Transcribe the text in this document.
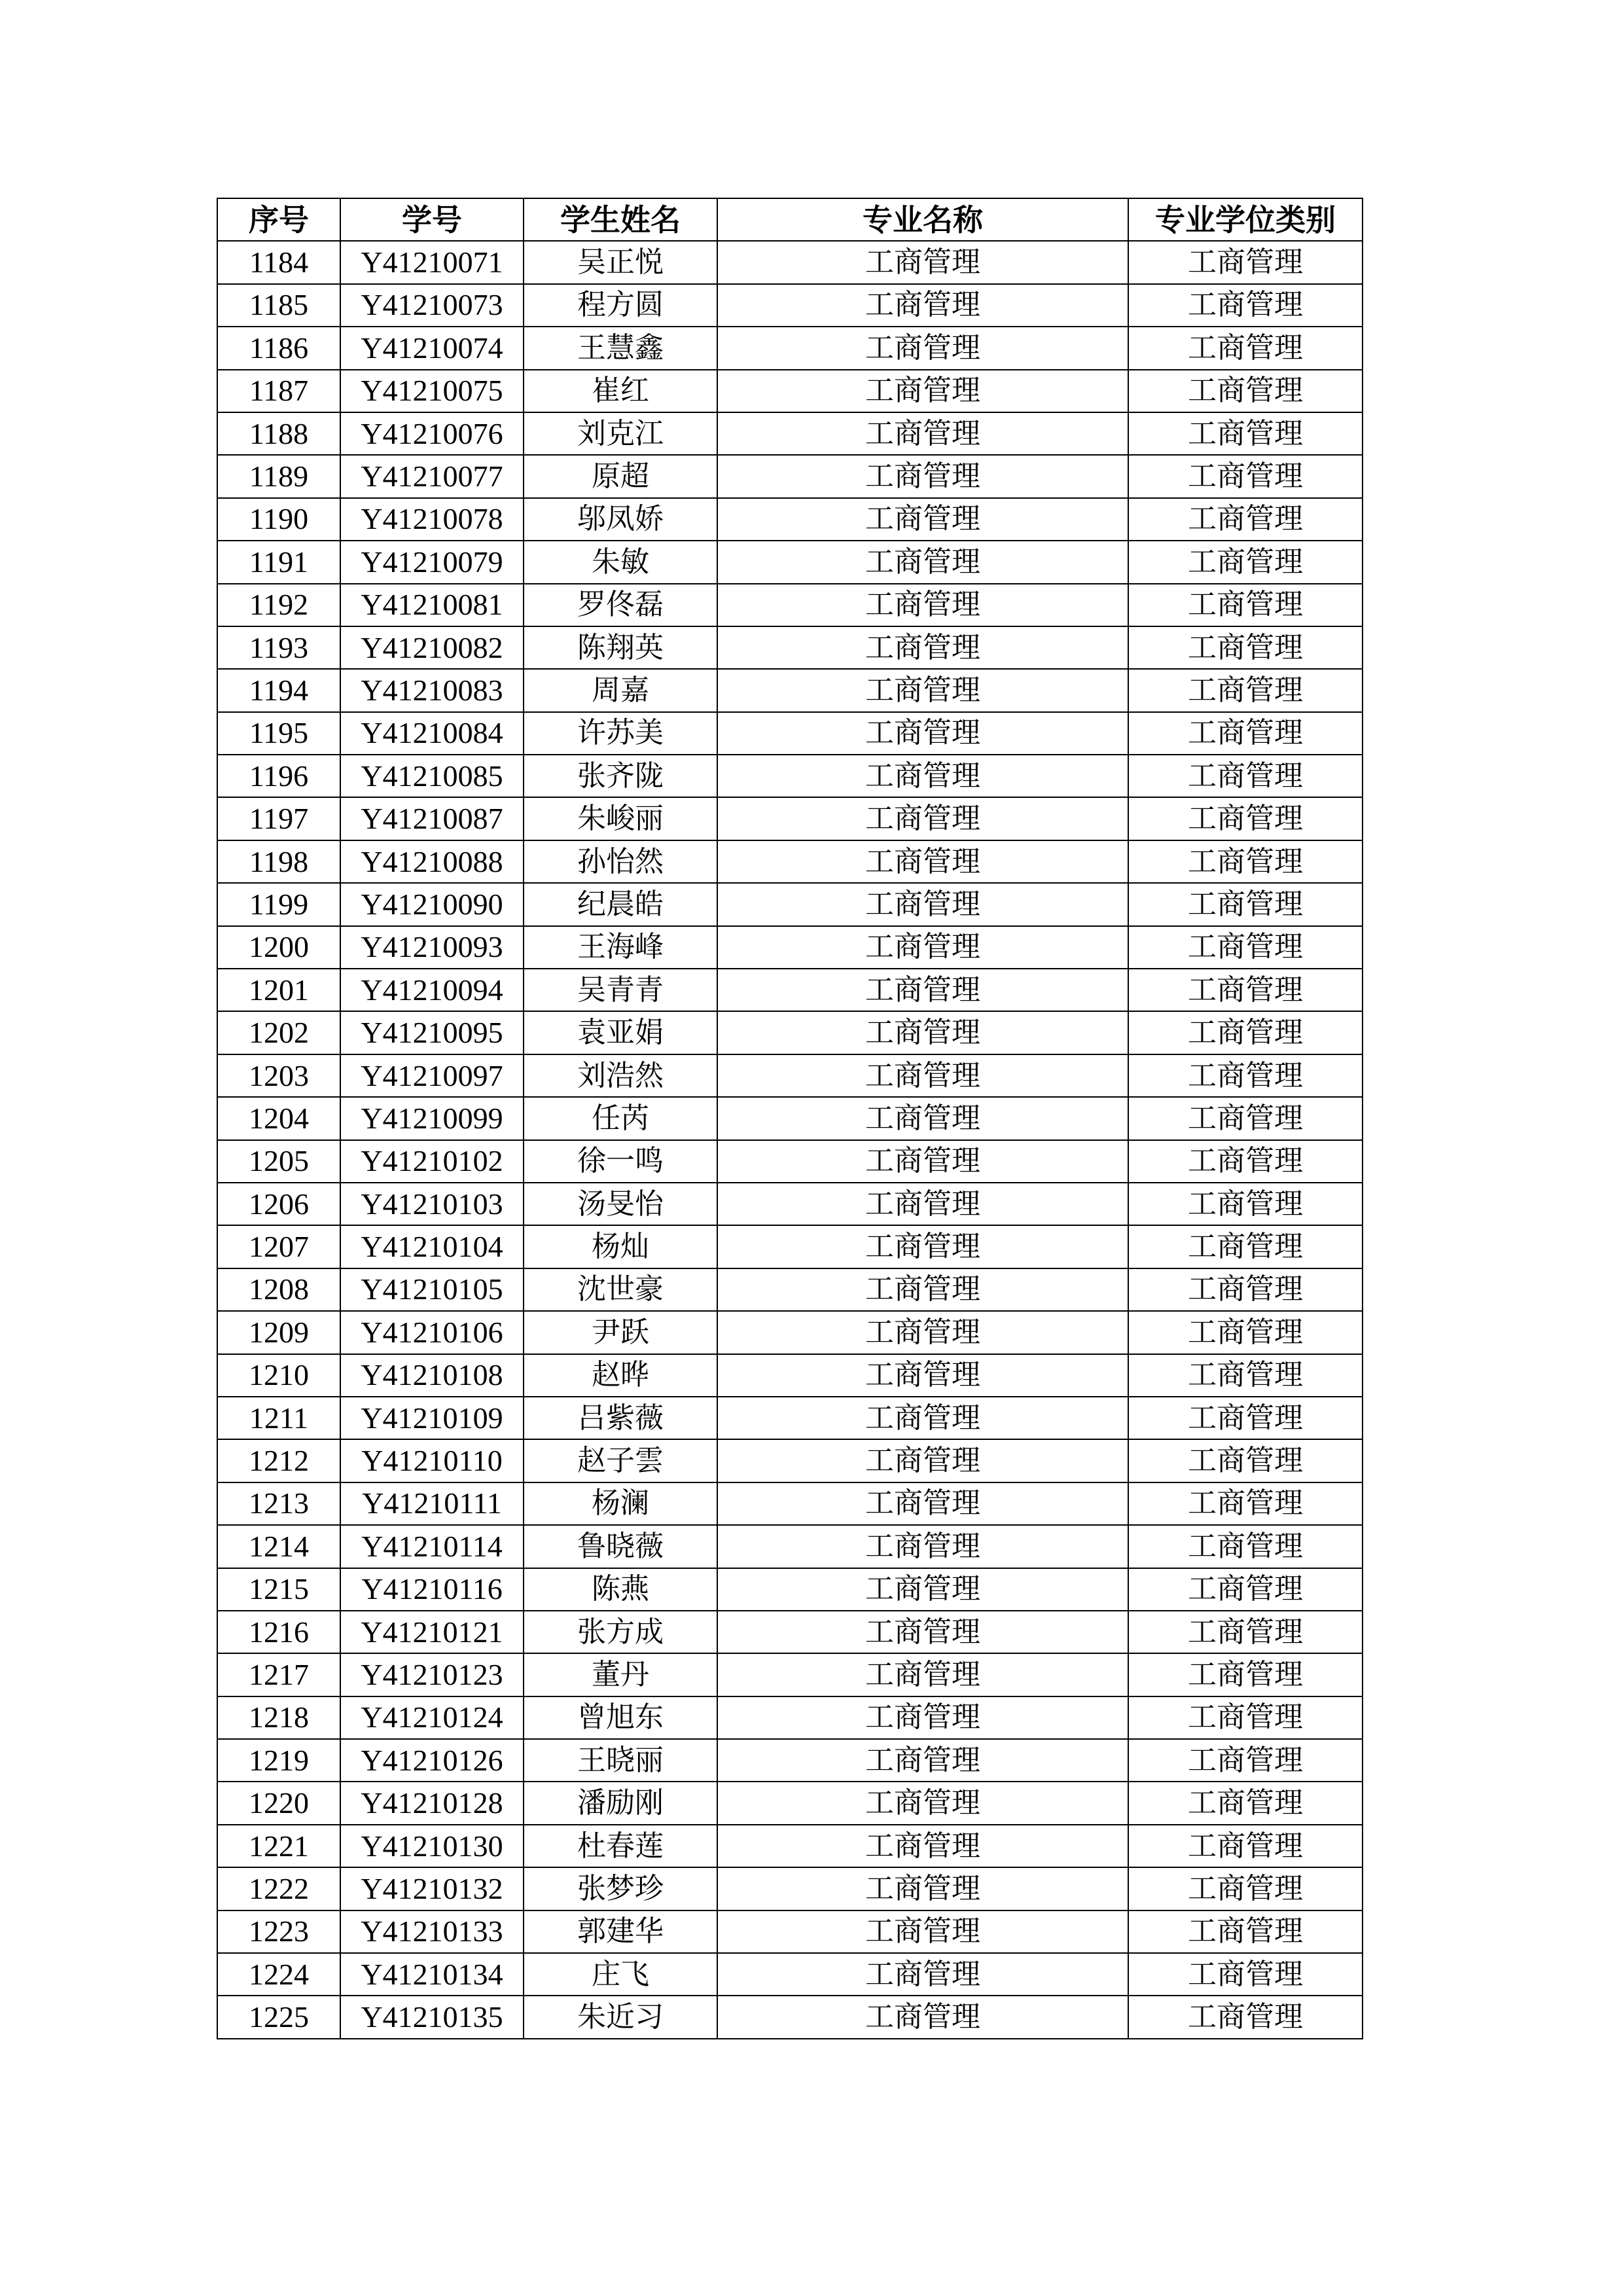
序号	学号	学生姓名	专业名称	专业学位类别
1184	Y41210071	吴正悦	工商管理	工商管理
1185	Y41210073	程方圆	工商管理	工商管理
1186	Y41210074	王慧鑫	工商管理	工商管理
1187	Y41210075	崔红	工商管理	工商管理
1188	Y41210076	刘克江	工商管理	工商管理
1189	Y41210077	原超	工商管理	工商管理
1190	Y41210078	邬凤娇	工商管理	工商管理
1191	Y41210079	朱敏	工商管理	工商管理
1192	Y41210081	罗佟磊	工商管理	工商管理
1193	Y41210082	陈翔英	工商管理	工商管理
1194	Y41210083	周嘉	工商管理	工商管理
1195	Y41210084	许苏美	工商管理	工商管理
1196	Y41210085	张齐陇	工商管理	工商管理
1197	Y41210087	朱峻丽	工商管理	工商管理
1198	Y41210088	孙怡然	工商管理	工商管理
1199	Y41210090	纪晨皓	工商管理	工商管理
1200	Y41210093	王海峰	工商管理	工商管理
1201	Y41210094	吴青青	工商管理	工商管理
1202	Y41210095	袁亚娟	工商管理	工商管理
1203	Y41210097	刘浩然	工商管理	工商管理
1204	Y41210099	任芮	工商管理	工商管理
1205	Y41210102	徐一鸣	工商管理	工商管理
1206	Y41210103	汤旻怡	工商管理	工商管理
1207	Y41210104	杨灿	工商管理	工商管理
1208	Y41210105	沈世豪	工商管理	工商管理
1209	Y41210106	尹跃	工商管理	工商管理
1210	Y41210108	赵晔	工商管理	工商管理
1211	Y41210109	吕紫薇	工商管理	工商管理
1212	Y41210110	赵子雲	工商管理	工商管理
1213	Y41210111	杨澜	工商管理	工商管理
1214	Y41210114	鲁晓薇	工商管理	工商管理
1215	Y41210116	陈燕	工商管理	工商管理
1216	Y41210121	张方成	工商管理	工商管理
1217	Y41210123	董丹	工商管理	工商管理
1218	Y41210124	曾旭东	工商管理	工商管理
1219	Y41210126	王晓丽	工商管理	工商管理
1220	Y41210128	潘励刚	工商管理	工商管理
1221	Y41210130	杜春莲	工商管理	工商管理
1222	Y41210132	张梦珍	工商管理	工商管理
1223	Y41210133	郭建华	工商管理	工商管理
1224	Y41210134	庄飞	工商管理	工商管理
1225	Y41210135	朱近习	工商管理	工商管理
